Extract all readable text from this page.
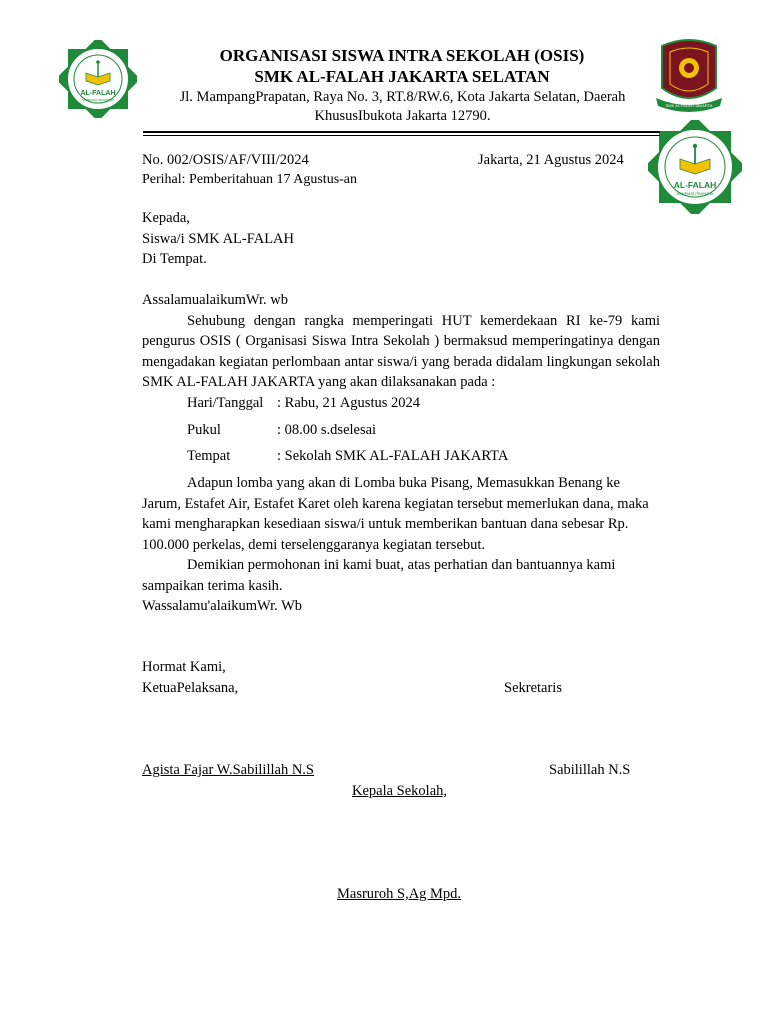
AL-FALAH
MAMPANG PRAPATAN
SMK AL FALAH JAKARTA
AL-FALAH
MAMPANG PRAPATAN
ORGANISASI SISWA INTRA SEKOLAH (OSIS)
SMK AL-FALAH JAKARTA SELATAN
Jl. MampangPrapatan, Raya No. 3, RT.8/RW.6, Kota Jakarta Selatan, Daerah
KhususIbukota Jakarta 12790.
No. 002/OSIS/AF/VIII/2024	Jakarta, 21 Agustus 2024
Perihal: Pemberitahuan 17 Agustus-an
Kepada,
Siswa/i SMK AL-FALAH
Di Tempat.

AssalamualaikumWr. wb

Sehubung dengan rangka memperingati HUT kemerdekaan RI ke-79 kami pengurus OSIS ( Organisasi Siswa Intra Sekolah ) bermaksud memperingatinya dengan mengadakan kegiatan perlombaan antar siswa/i yang berada didalam lingkungan sekolah SMK AL-FALAH JAKARTA yang akan dilaksanakan pada :

Hari/Tanggal : Rabu, 21 Agustus 2024
Pukul	: 08.00 s.dselesai
Tempat	: Sekolah SMK AL-FALAH JAKARTA

Adapun lomba yang akan di Lomba buka Pisang, Memasukkan Benang ke Jarum, Estafet Air, Estafet Karet oleh karena kegiatan tersebut memerlukan dana, maka kami mengharapkan kesediaan siswa/i untuk memberikan bantuan dana sebesar Rp. 100.000 perkelas, demi terselenggaranya kegiatan tersebut.

Demikian permohonan ini kami buat, atas perhatian dan bantuannya kami sampaikan terima kasih.

Wassalamu'alaikumWr. Wb

Hormat Kami,
KetuaPelaksana,	Sekretaris
Agista Fajar W.Sabilillah N.S	Sabilillah N.S
Kepala Sekolah,
Masruroh S,Ag Mpd.
